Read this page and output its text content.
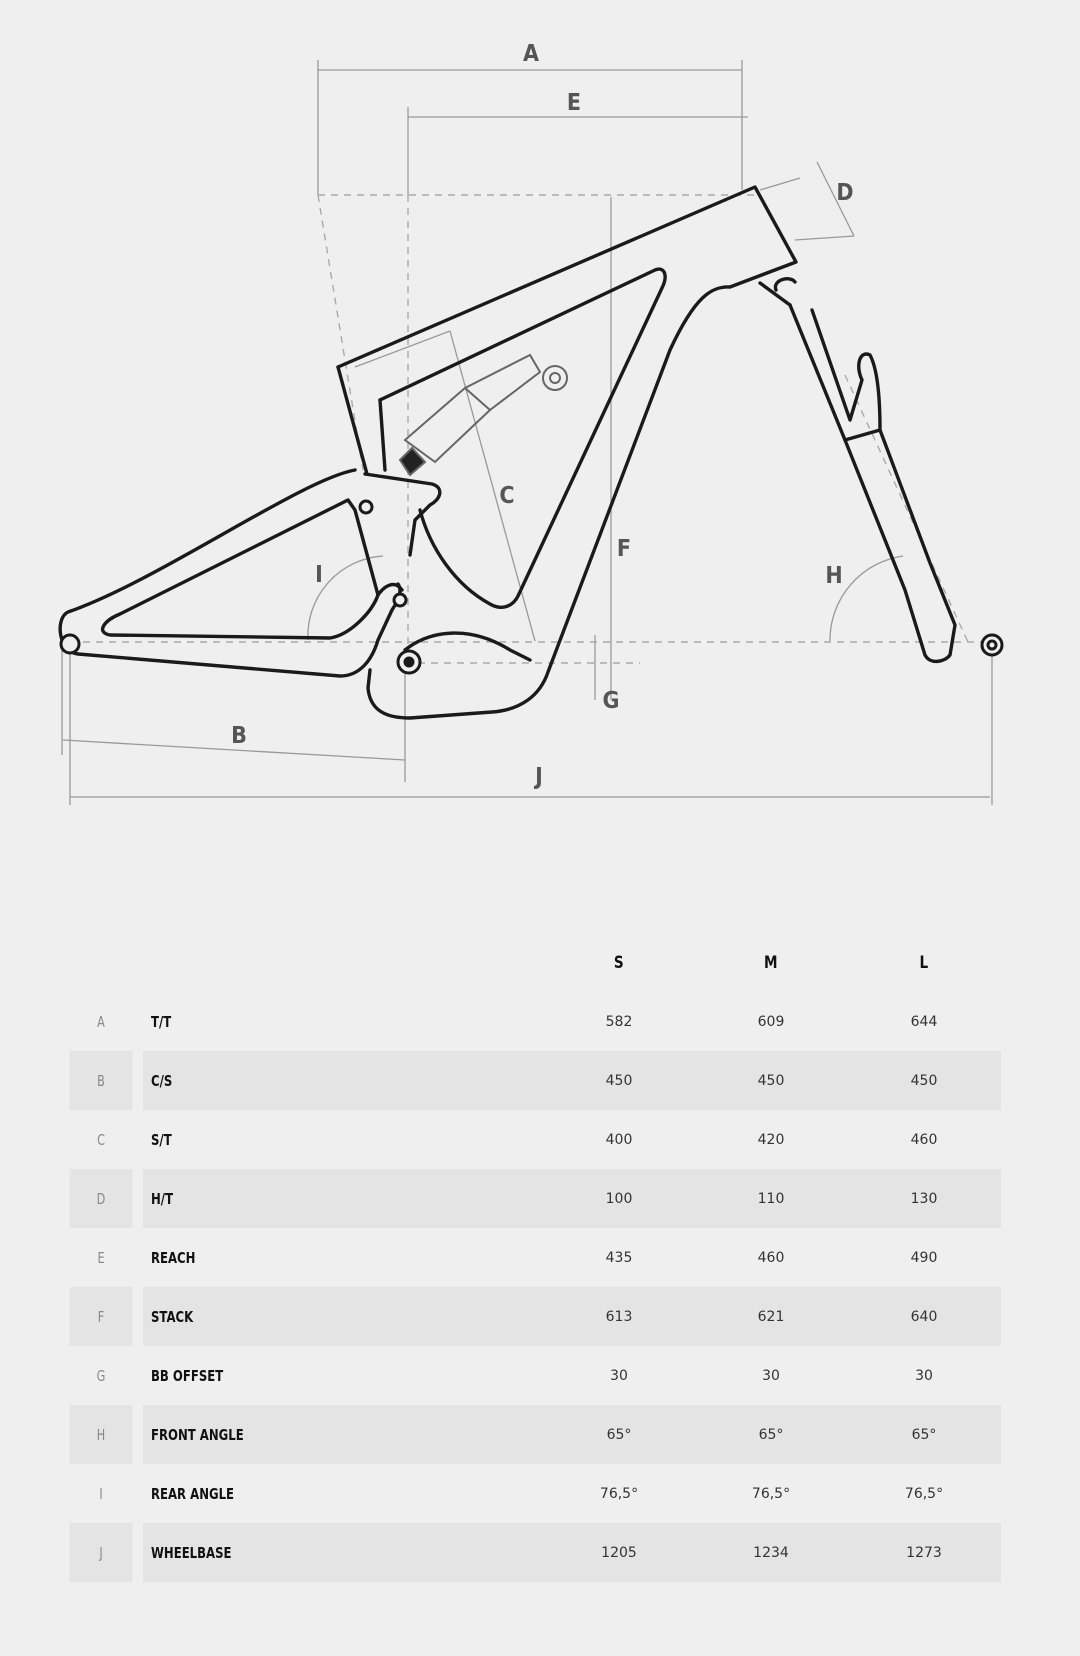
A
E
D
C
F
H
I
G
B
J
		S	M	L
A	T/T	582	609	644
B	C/S	450	450	450
C	S/T	400	420	460
D	H/T	100	110	130
E	REACH	435	460	490
F	STACK	613	621	640
G	BB OFFSET	30	30	30
H	FRONT ANGLE	65°	65°	65°
I	REAR ANGLE	76,5°	76,5°	76,5°
J	WHEELBASE	1205	1234	1273
